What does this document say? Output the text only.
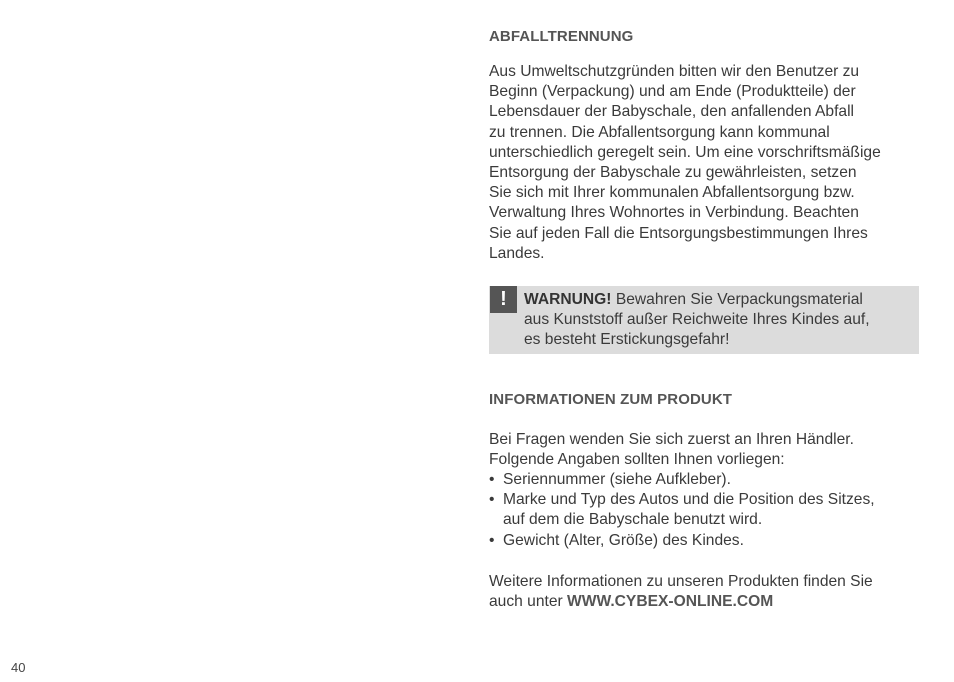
ABFALLTRENNUNG
Aus Umweltschutzgründen bitten wir den Benutzer zu
Beginn (Verpackung) und am Ende (Produktteile) der
Lebensdauer der Babyschale, den anfallenden Abfall
zu trennen. Die Abfallentsorgung kann kommunal
unterschiedlich geregelt sein. Um eine vorschriftsmäßige
Entsorgung der Babyschale zu gewährleisten, setzen
Sie sich mit Ihrer kommunalen Abfallentsorgung bzw.
Verwaltung Ihres Wohnortes in Verbindung. Beachten
Sie auf jeden Fall die Entsorgungsbestimmungen Ihres
Landes.
!	WARNUNG! Bewahren Sie Verpackungsmaterial
aus Kunststoff außer Reichweite Ihres Kindes auf,
es besteht Erstickungsgefahr!
INFORMATIONEN ZUM PRODUKT
Bei Fragen wenden Sie sich zuerst an Ihren Händler.
Folgende Angaben sollten Ihnen vorliegen:
• Seriennummer (siehe Aufkleber).
• Marke und Typ des Autos und die Position des Sitzes,
auf dem die Babyschale benutzt wird.
• Gewicht (Alter, Größe) des Kindes.
Weitere Informationen zu unseren Produkten finden Sie
auch unter WWW.CYBEX-ONLINE.COM
40
